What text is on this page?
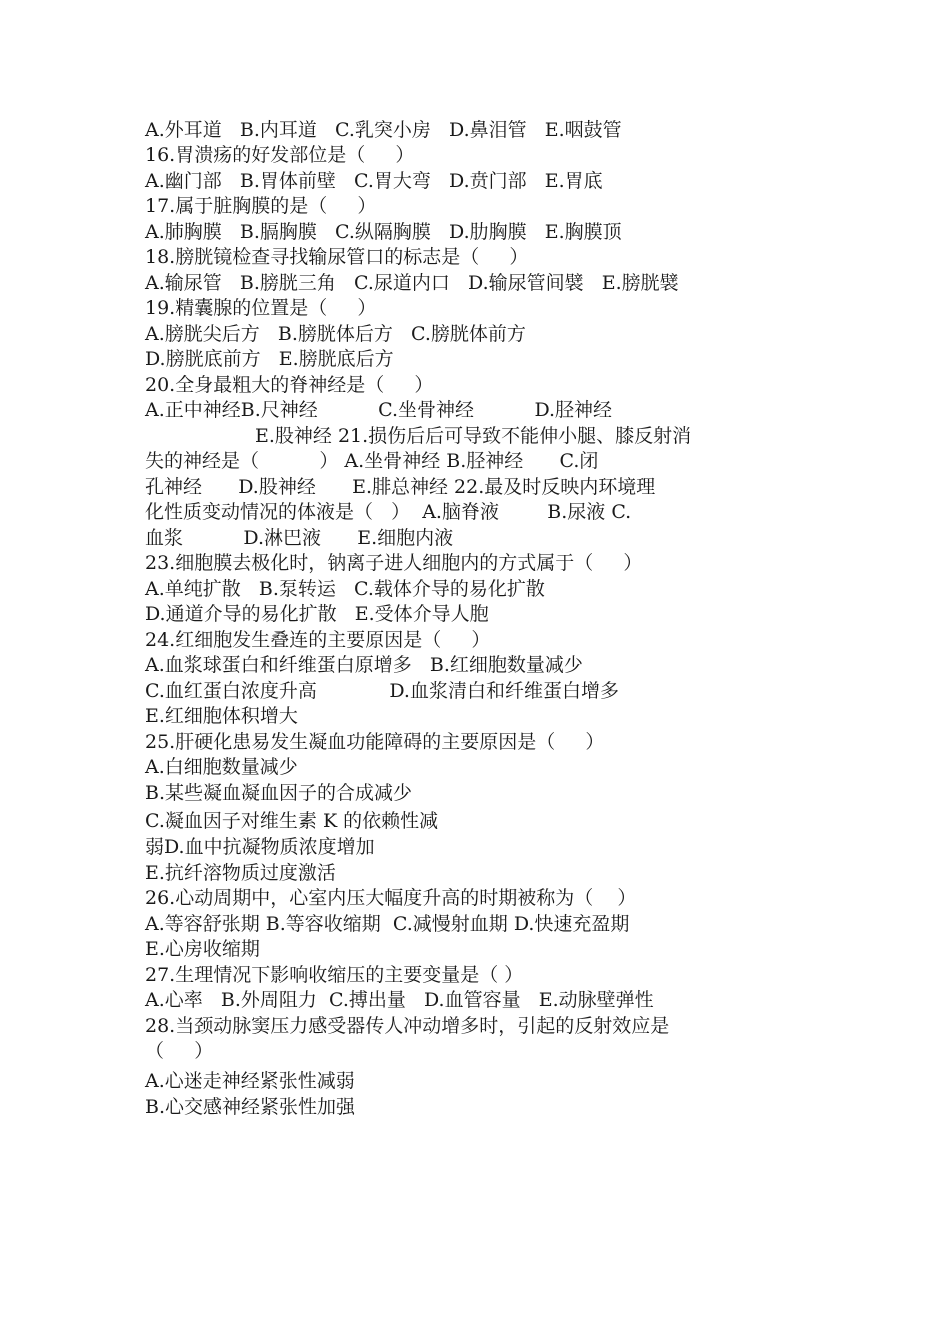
A.外耳道   B.内耳道   C.乳突小房   D.鼻泪管   E.咽鼓管
16.胃溃疡的好发部位是（     ）
A.幽门部   B.胃体前壁   C.胃大弯   D.贲门部   E.胃底
17.属于脏胸膜的是（     ）
A.肺胸膜   B.膈胸膜   C.纵隔胸膜   D.肋胸膜   E.胸膜顶
18.膀胱镜检查寻找输尿管口的标志是（     ）
A.输尿管   B.膀胱三角   C.尿道内口   D.输尿管间襞   E.膀胱襞
19.精囊腺的位置是（     ）
A.膀胱尖后方   B.膀胱体后方   C.膀胱体前方
D.膀胱底前方   E.膀胱底后方
20.全身最粗大的脊神经是（     ）
A.正中神经B.尺神经          C.坐骨神经          D.胫神经
E.股神经 21.损伤后后可导致不能伸小腿、膝反射消
失的神经是（          ） A.坐骨神经 B.胫神经      C.闭
孔神经      D.股神经      E.腓总神经 22.最及时反映内环境理
化性质变动情况的体液是（   ）  A.脑脊液        B.尿液 C.
血浆          D.淋巴液      E.细胞内液
23.细胞膜去极化时，钠离子进人细胞内的方式属于（     ）
A.单纯扩散   B.泵转运   C.载体介导的易化扩散
D.通道介导的易化扩散   E.受体介导人胞
24.红细胞发生叠连的主要原因是（     ）
A.血浆球蛋白和纤维蛋白原增多   B.红细胞数量减少
C.血红蛋白浓度升高            D.血浆清白和纤维蛋白增多
E.红细胞体积增大
25.肝硬化患易发生凝血功能障碍的主要原因是（     ）
A.白细胞数量减少
B.某些凝血凝血因子的合成减少
C.凝血因子对维生素 K 的依赖性减
弱D.血中抗凝物质浓度增加
E.抗纤溶物质过度激活
26.心动周期中，心室内压大幅度升高的时期被称为（    ）
A.等容舒张期 B.等容收缩期  C.减慢射血期 D.快速充盈期
E.心房收缩期
27.生理情况下影响收缩压的主要变量是（ ）
A.心率   B.外周阻力  C.搏出量   D.血管容量   E.动脉壁弹性
28.当颈动脉窦压力感受器传人冲动增多时，引起的反射效应是
（     ）
A.心迷走神经紧张性减弱
B.心交感神经紧张性加强
